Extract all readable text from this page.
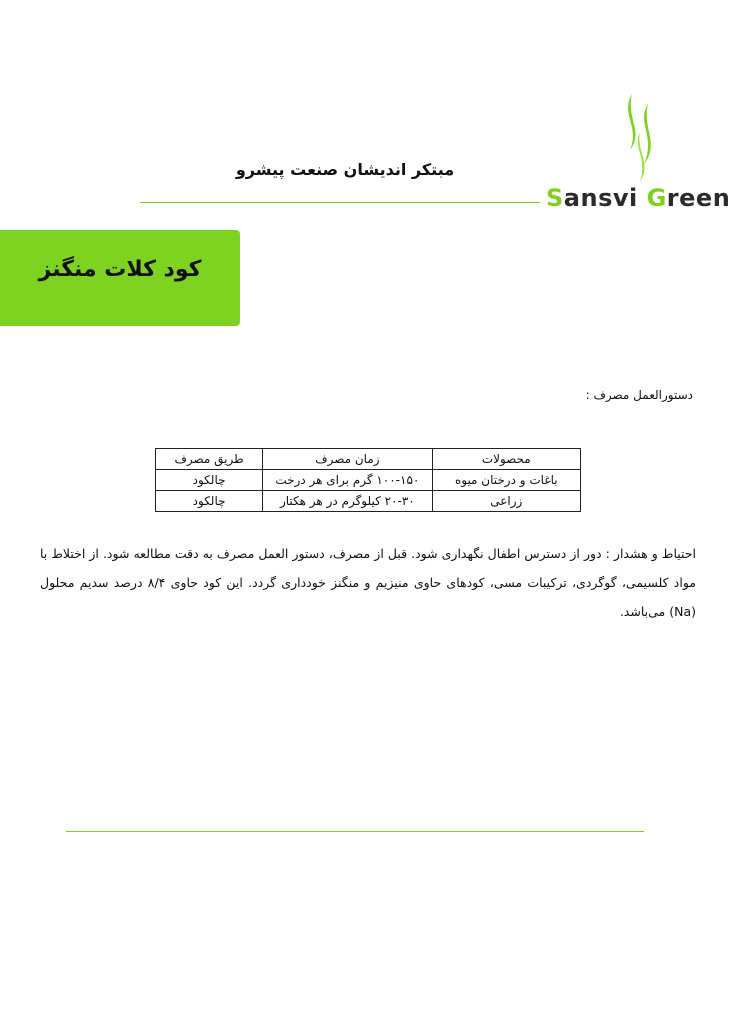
Sansvi Green
مبتکر اندیشان صنعت پیشرو
کود کلات منگنز
دستورالعمل مصرف :
محصولات	زمان مصرف	طریق مصرف
باغات و درختان میوه	۱۰۰-۱۵۰ گرم برای هر درخت	چالکود
زراعی	۲۰-۳۰ کیلوگرم در هر هکتار	چالکود
احتیاط و هشدار : دور از دسترس اطفال نگهداری شود. قبل از مصرف، دستور العمل مصرف به دقت مطالعه شود. از اختلاط با مواد کلسیمی، گوگردی، ترکیبات مسی، کودهای حاوی منیزیم و منگنز خودداری گردد. این کود حاوی ۸/۴ درصد سدیم محلول (Na) می‌باشد.
